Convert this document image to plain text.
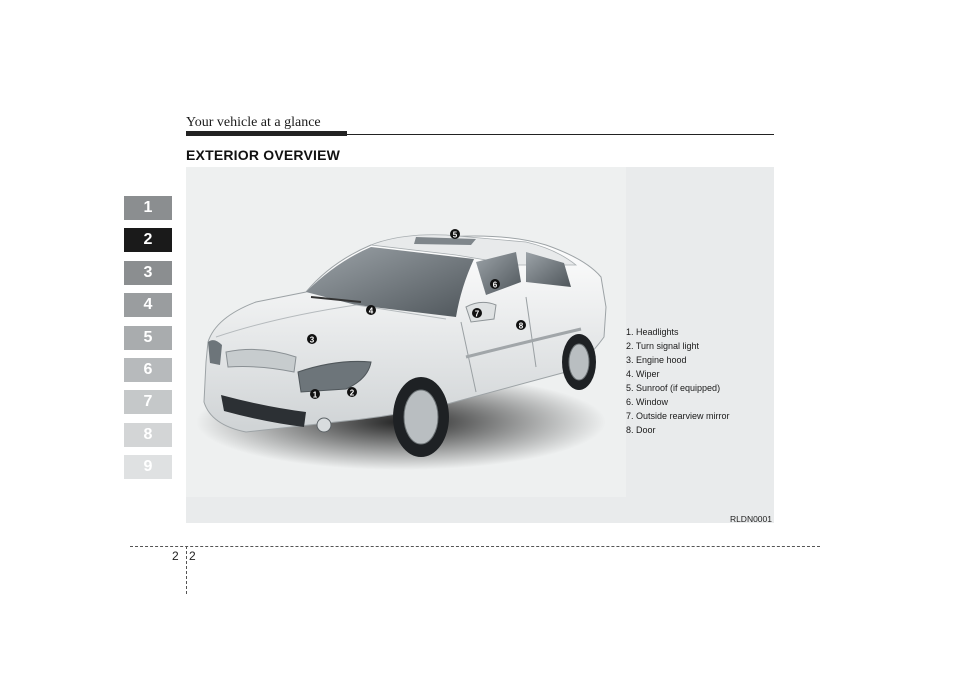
Your vehicle at a glance
EXTERIOR OVERVIEW
1
2
3
4
5
6
7
8
9
1	2
3
4
5
6
7
8
1. Headlights
2. Turn signal light
3. Engine hood
4. Wiper
5. Sunroof (if equipped)
6. Window
7. Outside rearview mirror
8. Door
RLDN0001
2 2
